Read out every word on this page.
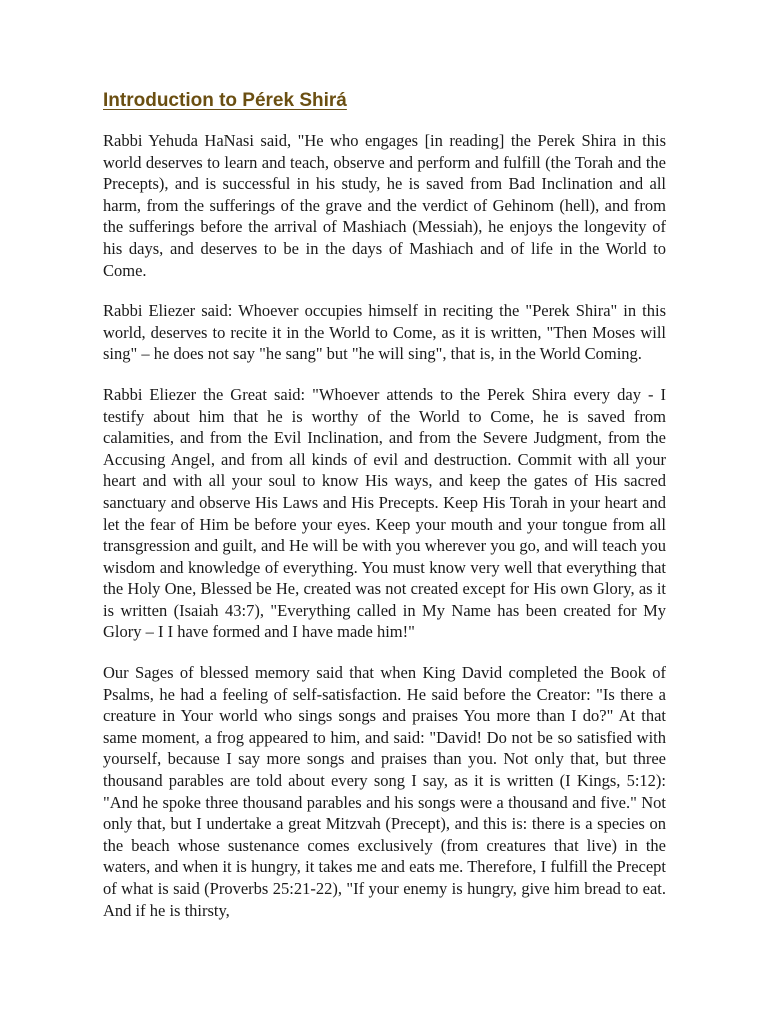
Introduction to Pérek Shirá

Rabbi Yehuda HaNasi said, "He who engages [in reading] the Perek Shira in this world deserves to learn and teach, observe and perform and fulfill (the Torah and the Precepts), and is successful in his study, he is saved from Bad Inclination and all harm, from the sufferings of the grave and the verdict of Gehinom (hell), and from the sufferings before the arrival of Mashiach (Messiah), he enjoys the longevity of his days, and deserves to be in the days of Mashiach and of life in the World to Come.

Rabbi Eliezer said: Whoever occupies himself in reciting the "Perek Shira" in this world, deserves to recite it in the World to Come, as it is written, "Then Moses will sing" – he does not say "he sang" but "he will sing", that is, in the World Coming.

Rabbi Eliezer the Great said: "Whoever attends to the Perek Shira every day - I testify about him that he is worthy of the World to Come, he is saved from calamities, and from the Evil Inclination, and from the Severe Judgment, from the Accusing Angel, and from all kinds of evil and destruction. Commit with all your heart and with all your soul to know His ways, and keep the gates of His sacred sanctuary and observe His Laws and His Precepts. Keep His Torah in your heart and let the fear of Him be before your eyes. Keep your mouth and your tongue from all transgression and guilt, and He will be with you wherever you go, and will teach you wisdom and knowledge of everything. You must know very well that everything that the Holy One, Blessed be He, created was not created except for His own Glory, as it is written (Isaiah 43:7), "Everything called in My Name has been created for My Glory – I I have formed and I have made him!"

Our Sages of blessed memory said that when King David completed the Book of Psalms, he had a feeling of self-satisfaction. He said before the Creator: "Is there a creature in Your world who sings songs and praises You more than I do?" At that same moment, a frog appeared to him, and said: "David! Do not be so satisfied with yourself, because I say more songs and praises than you. Not only that, but three thousand parables are told about every song I say, as it is written (I Kings, 5:12): "And he spoke three thousand parables and his songs were a thousand and five." Not only that, but I undertake a great Mitzvah (Precept), and this is: there is a species on the beach whose sustenance comes exclusively (from creatures that live) in the waters, and when it is hungry, it takes me and eats me. Therefore, I fulfill the Precept of what is said (Proverbs 25:21-22), "If your enemy is hungry, give him bread to eat. And if he is thirsty,
